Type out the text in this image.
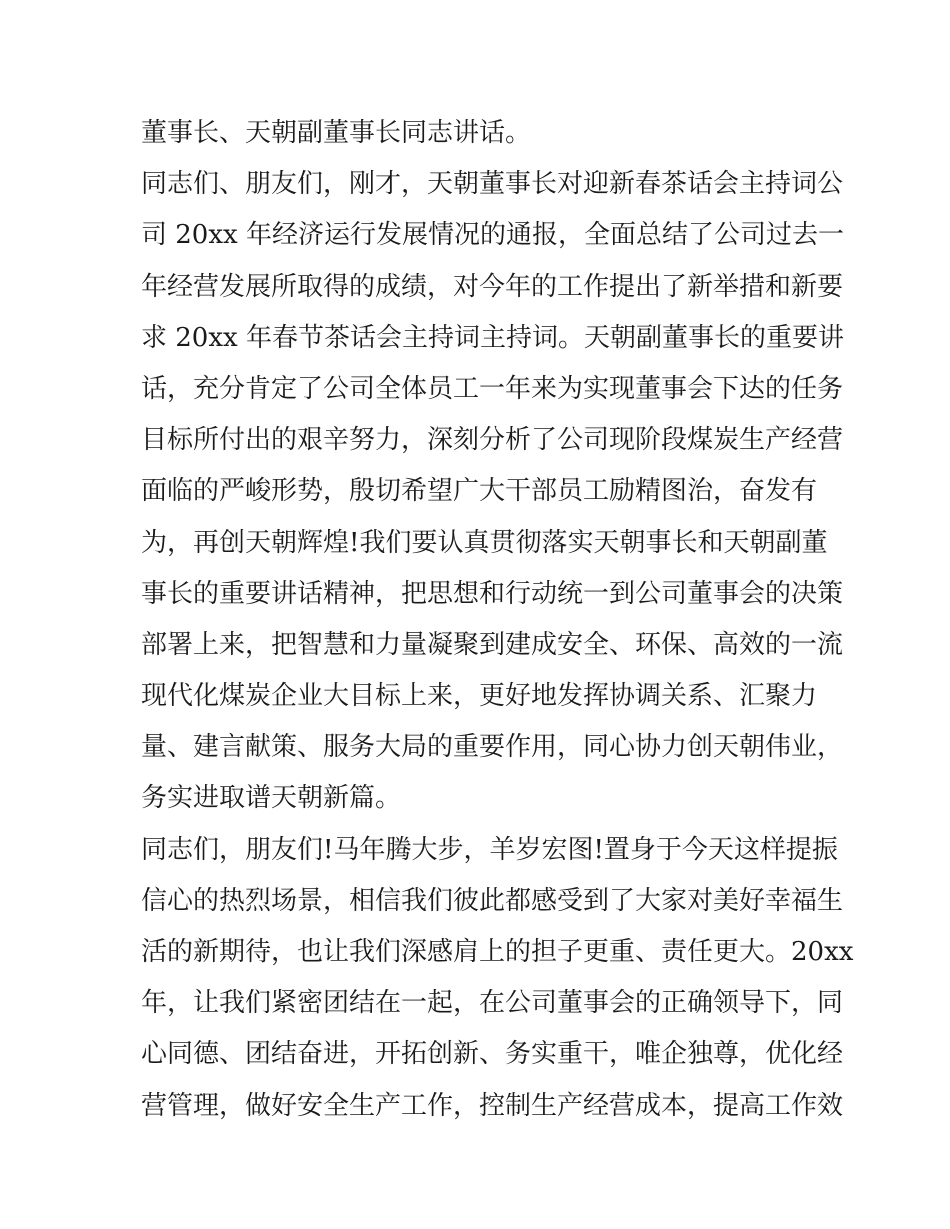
董事长、天朝副董事长同志讲话。
同志们、朋友们，刚才，天朝董事长对迎新春茶话会主持词公
司 20xx 年经济运行发展情况的通报，全面总结了公司过去一
年经营发展所取得的成绩，对今年的工作提出了新举措和新要
求 20xx 年春节茶话会主持词主持词。天朝副董事长的重要讲
话，充分肯定了公司全体员工一年来为实现董事会下达的任务
目标所付出的艰辛努力，深刻分析了公司现阶段煤炭生产经营
面临的严峻形势，殷切希望广大干部员工励精图治，奋发有
为，再创天朝辉煌!我们要认真贯彻落实天朝事长和天朝副董
事长的重要讲话精神，把思想和行动统一到公司董事会的决策
部署上来，把智慧和力量凝聚到建成安全、环保、高效的一流
现代化煤炭企业大目标上来，更好地发挥协调关系、汇聚力
量、建言献策、服务大局的重要作用，同心协力创天朝伟业，
务实进取谱天朝新篇。
同志们，朋友们!马年腾大步，羊岁宏图!置身于今天这样提振
信心的热烈场景，相信我们彼此都感受到了大家对美好幸福生
活的新期待，也让我们深感肩上的担子更重、责任更大。20xx
年，让我们紧密团结在一起，在公司董事会的正确领导下，同
心同德、团结奋进，开拓创新、务实重干，唯企独尊，优化经
营管理，做好安全生产工作，控制生产经营成本，提高工作效
